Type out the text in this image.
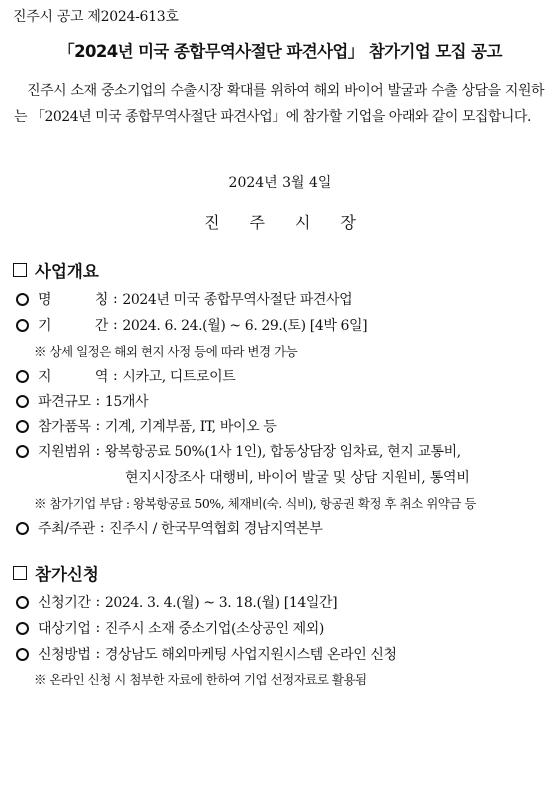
진주시 공고 제2024-613호
「2024년 미국 종합무역사절단 파견사업」 참가기업 모집 공고
진주시 소재 중소기업의 수출시장 확대를 위하여 해외 바이어 발굴과 수출 상담을 지원하는 「2024년 미국 종합무역사절단 파견사업」에 참가할 기업을 아래와 같이 모집합니다.
2024년 3월 4일
진 주 시 장
사업개요
명	칭 : 2024년 미국 종합무역사절단 파견사업
기	간 : 2024. 6. 24.(월) ~ 6. 29.(토) [4박 6일]
※ 상세 일정은 해외 현지 사정 등에 따라 변경 가능
지	역 : 시카고, 디트로이트
파견규모 : 15개사
참가품목 : 기계, 기계부품, IT, 바이오 등
지원범위 : 왕복항공료 50%(1사 1인), 합동상담장 임차료, 현지 교통비,
현지시장조사 대행비, 바이어 발굴 및 상담 지원비, 통역비
※ 참가기업 부담 : 왕복항공료 50%, 체재비(숙. 식비), 항공권 확정 후 취소 위약금 등
주최/주관 : 진주시 / 한국무역협회 경남지역본부
참가신청
신청기간 : 2024. 3. 4.(월) ~ 3. 18.(월) [14일간]
대상기업 : 진주시 소재 중소기업(소상공인 제외)
신청방법 : 경상남도 해외마케팅 사업지원시스템 온라인 신청
※ 온라인 신청 시 첨부한 자료에 한하여 기업 선정자료로 활용됨
